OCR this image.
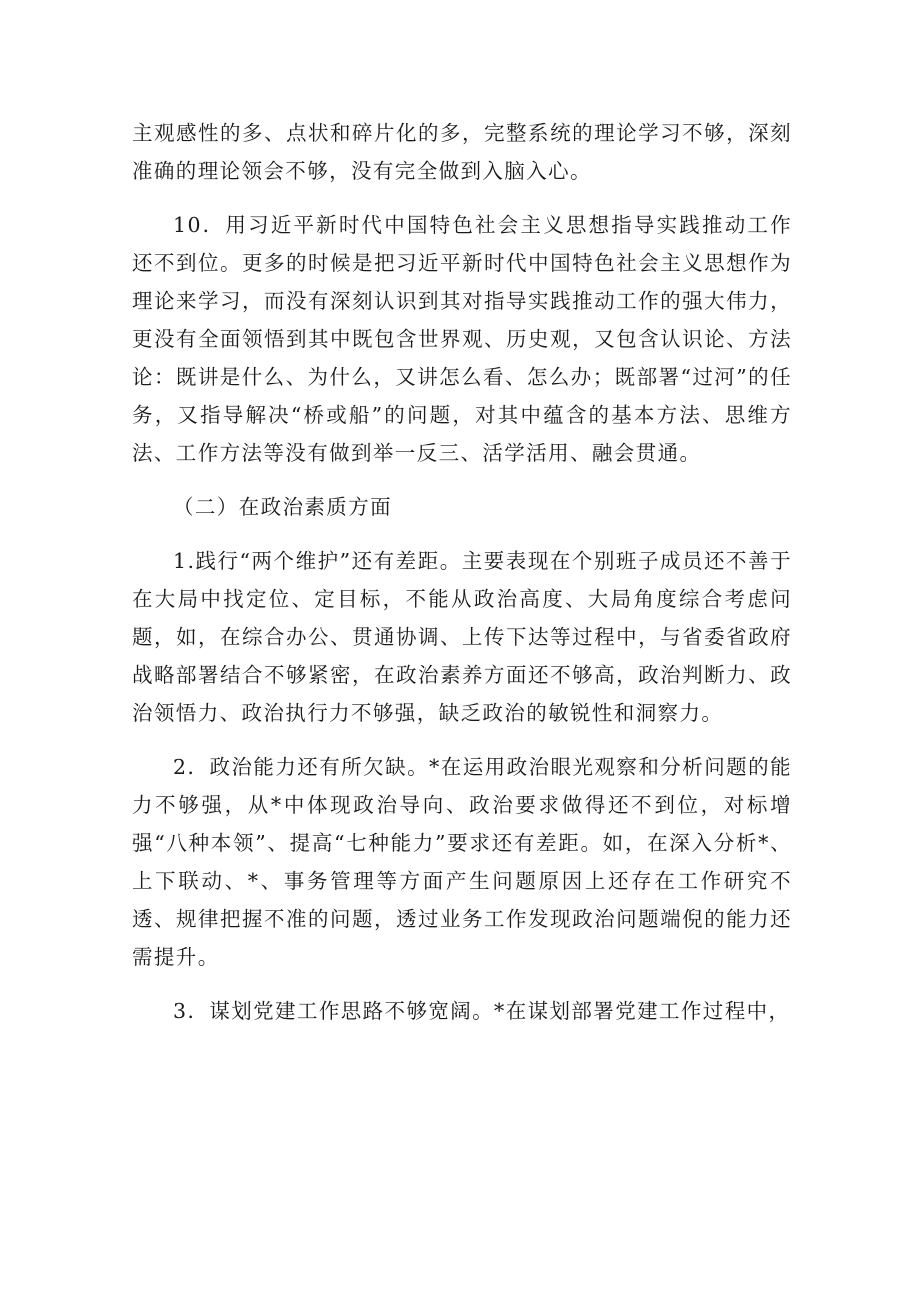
主观感性的多、点状和碎片化的多，完整系统的理论学习不够，深刻准确的理论领会不够，没有完全做到入脑入心。

10．用习近平新时代中国特色社会主义思想指导实践推动工作还不到位。更多的时候是把习近平新时代中国特色社会主义思想作为理论来学习，而没有深刻认识到其对指导实践推动工作的强大伟力，更没有全面领悟到其中既包含世界观、历史观，又包含认识论、方法论：既讲是什么、为什么，又讲怎么看、怎么办；既部署“过河”的任务，又指导解决“桥或船”的问题，对其中蕴含的基本方法、思维方法、工作方法等没有做到举一反三、活学活用、融会贯通。

（二）在政治素质方面

1.践行“两个维护”还有差距。主要表现在个别班子成员还不善于在大局中找定位、定目标，不能从政治高度、大局角度综合考虑问题，如，在综合办公、贯通协调、上传下达等过程中，与省委省政府战略部署结合不够紧密，在政治素养方面还不够高，政治判断力、政治领悟力、政治执行力不够强，缺乏政治的敏锐性和洞察力。

2．政治能力还有所欠缺。*在运用政治眼光观察和分析问题的能力不够强，从*中体现政治导向、政治要求做得还不到位，对标增强“八种本领”、提高“七种能力”要求还有差距。如，在深入分析*、上下联动、*、事务管理等方面产生问题原因上还存在工作研究不透、规律把握不准的问题，透过业务工作发现政治问题端倪的能力还需提升。

3．谋划党建工作思路不够宽阔。*在谋划部署党建工作过程中，
